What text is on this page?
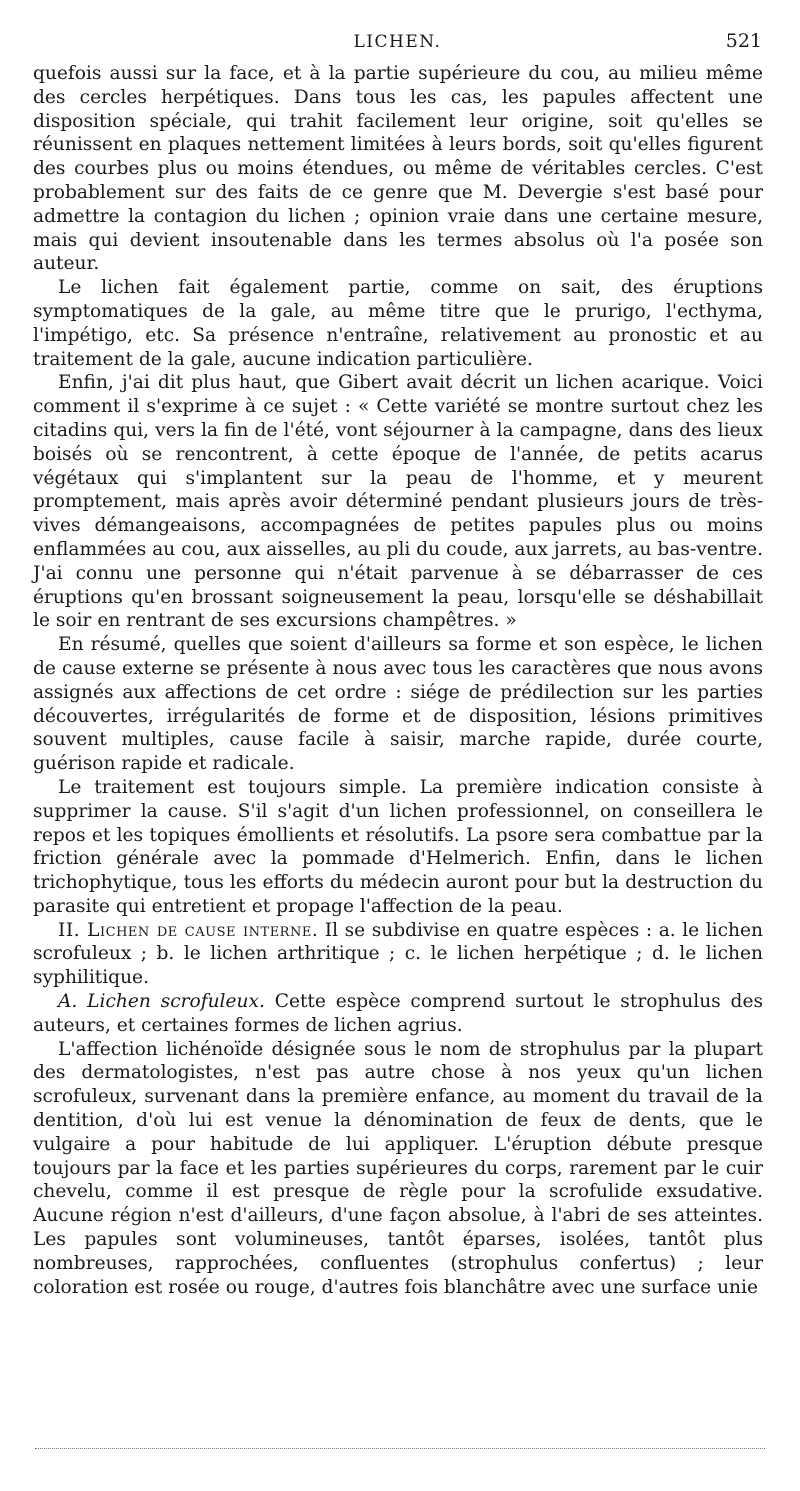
LICHEN.	521

quefois aussi sur la face, et à la partie supérieure du cou, au milieu même des cercles herpétiques. Dans tous les cas, les papules affectent une disposition spéciale, qui trahit facilement leur origine, soit qu'elles se réunissent en plaques nettement limitées à leurs bords, soit qu'elles figurent des courbes plus ou moins étendues, ou même de véritables cercles. C'est probablement sur des faits de ce genre que M. Devergie s'est basé pour admettre la contagion du lichen ; opinion vraie dans une certaine mesure, mais qui devient insoutenable dans les termes absolus où l'a posée son auteur.

Le lichen fait également partie, comme on sait, des éruptions symptomatiques de la gale, au même titre que le prurigo, l'ecthyma, l'impétigo, etc. Sa présence n'entraîne, relativement au pronostic et au traitement de la gale, aucune indication particulière.

Enfin, j'ai dit plus haut, que Gibert avait décrit un lichen acarique. Voici comment il s'exprime à ce sujet : « Cette variété se montre surtout chez les citadins qui, vers la fin de l'été, vont séjourner à la campagne, dans des lieux boisés où se rencontrent, à cette époque de l'année, de petits acarus végétaux qui s'implantent sur la peau de l'homme, et y meurent promptement, mais après avoir déterminé pendant plusieurs jours de très-vives démangeaisons, accompagnées de petites papules plus ou moins enflammées au cou, aux aisselles, au pli du coude, aux jarrets, au bas-ventre. J'ai connu une personne qui n'était parvenue à se débarrasser de ces éruptions qu'en brossant soigneusement la peau, lorsqu'elle se déshabillait le soir en rentrant de ses excursions champêtres. »

En résumé, quelles que soient d'ailleurs sa forme et son espèce, le lichen de cause externe se présente à nous avec tous les caractères que nous avons assignés aux affections de cet ordre : siége de prédilection sur les parties découvertes, irrégularités de forme et de disposition, lésions primitives souvent multiples, cause facile à saisir, marche rapide, durée courte, guérison rapide et radicale.

Le traitement est toujours simple. La première indication consiste à supprimer la cause. S'il s'agit d'un lichen professionnel, on conseillera le repos et les topiques émollients et résolutifs. La psore sera combattue par la friction générale avec la pommade d'Helmerich. Enfin, dans le lichen trichophytique, tous les efforts du médecin auront pour but la destruction du parasite qui entretient et propage l'affection de la peau.

II. Lichen de cause interne. Il se subdivise en quatre espèces : a. le lichen scrofuleux ; b. le lichen arthritique ; c. le lichen herpétique ; d. le lichen syphilitique.

A. Lichen scrofuleux. Cette espèce comprend surtout le strophulus des auteurs, et certaines formes de lichen agrius.

L'affection lichénoïde désignée sous le nom de strophulus par la plupart des dermatologistes, n'est pas autre chose à nos yeux qu'un lichen scrofuleux, survenant dans la première enfance, au moment du travail de la dentition, d'où lui est venue la dénomination de feux de dents, que le vulgaire a pour habitude de lui appliquer. L'éruption débute presque toujours par la face et les parties supérieures du corps, rarement par le cuir chevelu, comme il est presque de règle pour la scrofulide exsudative. Aucune région n'est d'ailleurs, d'une façon absolue, à l'abri de ses atteintes. Les papules sont volumineuses, tantôt éparses, isolées, tantôt plus nombreuses, rapprochées, confluentes (strophulus confertus) ; leur coloration est rosée ou rouge, d'autres fois blanchâtre avec une surface unie
